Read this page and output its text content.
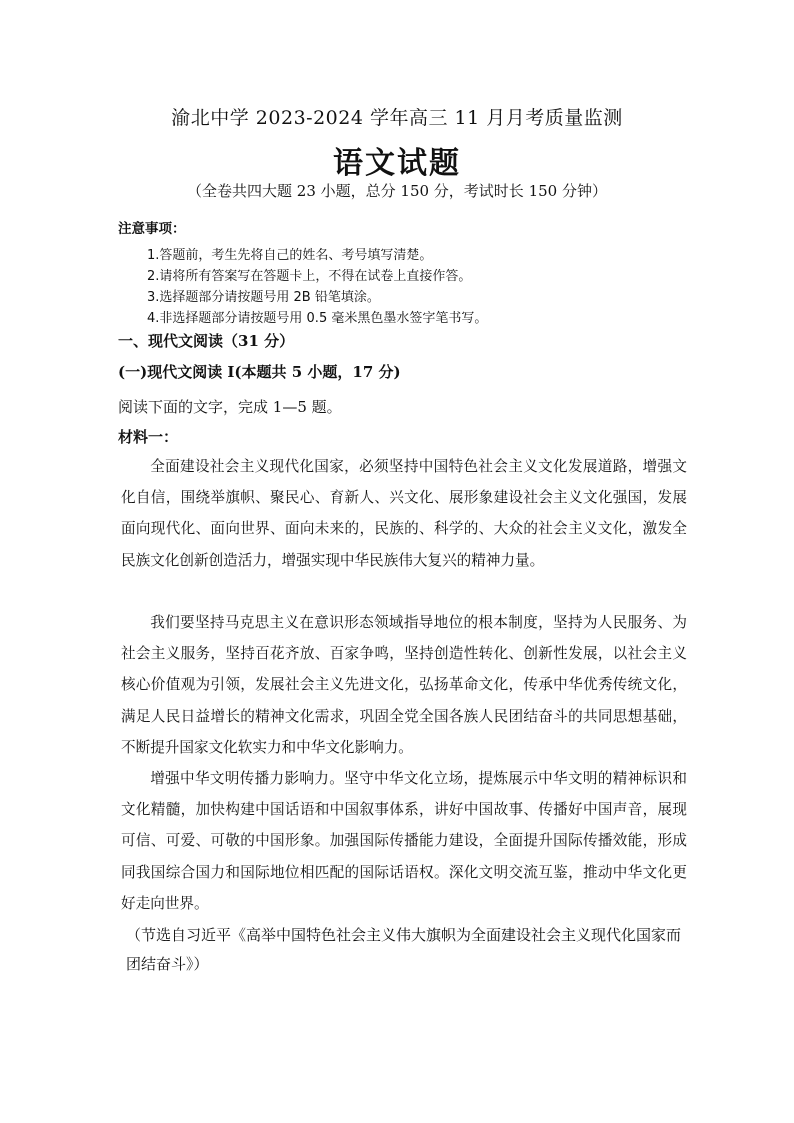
渝北中学 2023-2024 学年高三 11 月月考质量监测
语文试题
（全卷共四大题 23 小题，总分 150 分，考试时长 150 分钟）
注意事项：
1.答题前，考生先将自己的姓名、考号填写清楚。
2.请将所有答案写在答题卡上，不得在试卷上直接作答。
3.选择题部分请按题号用 2B 铅笔填涂。
4.非选择题部分请按题号用 0.5 毫米黑色墨水签字笔书写。
一、现代文阅读（31 分）
(一)现代文阅读 I(本题共 5 小题，17 分)
阅读下面的文字，完成 1—5 题。
材料一：

全面建设社会主义现代化国家，必须坚持中国特色社会主义文化发展道路，增强文化自信，围绕举旗帜、聚民心、育新人、兴文化、展形象建设社会主义文化强国，发展面向现代化、面向世界、面向未来的，民族的、科学的、大众的社会主义文化，激发全民族文化创新创造活力，增强实现中华民族伟大复兴的精神力量。

我们要坚持马克思主义在意识形态领域指导地位的根本制度，坚持为人民服务、为社会主义服务，坚持百花齐放、百家争鸣，坚持创造性转化、创新性发展，以社会主义核心价值观为引领，发展社会主义先进文化，弘扬革命文化，传承中华优秀传统文化，满足人民日益增长的精神文化需求，巩固全党全国各族人民团结奋斗的共同思想基础，不断提升国家文化软实力和中华文化影响力。

增强中华文明传播力影响力。坚守中华文化立场，提炼展示中华文明的精神标识和文化精髓，加快构建中国话语和中国叙事体系，讲好中国故事、传播好中国声音，展现可信、可爱、可敬的中国形象。加强国际传播能力建设，全面提升国际传播效能，形成同我国综合国力和国际地位相匹配的国际话语权。深化文明交流互鉴，推动中华文化更好走向世界。

（节选自习近平《高举中国特色社会主义伟大旗帜为全面建设社会主义现代化国家而团结奋斗》）
